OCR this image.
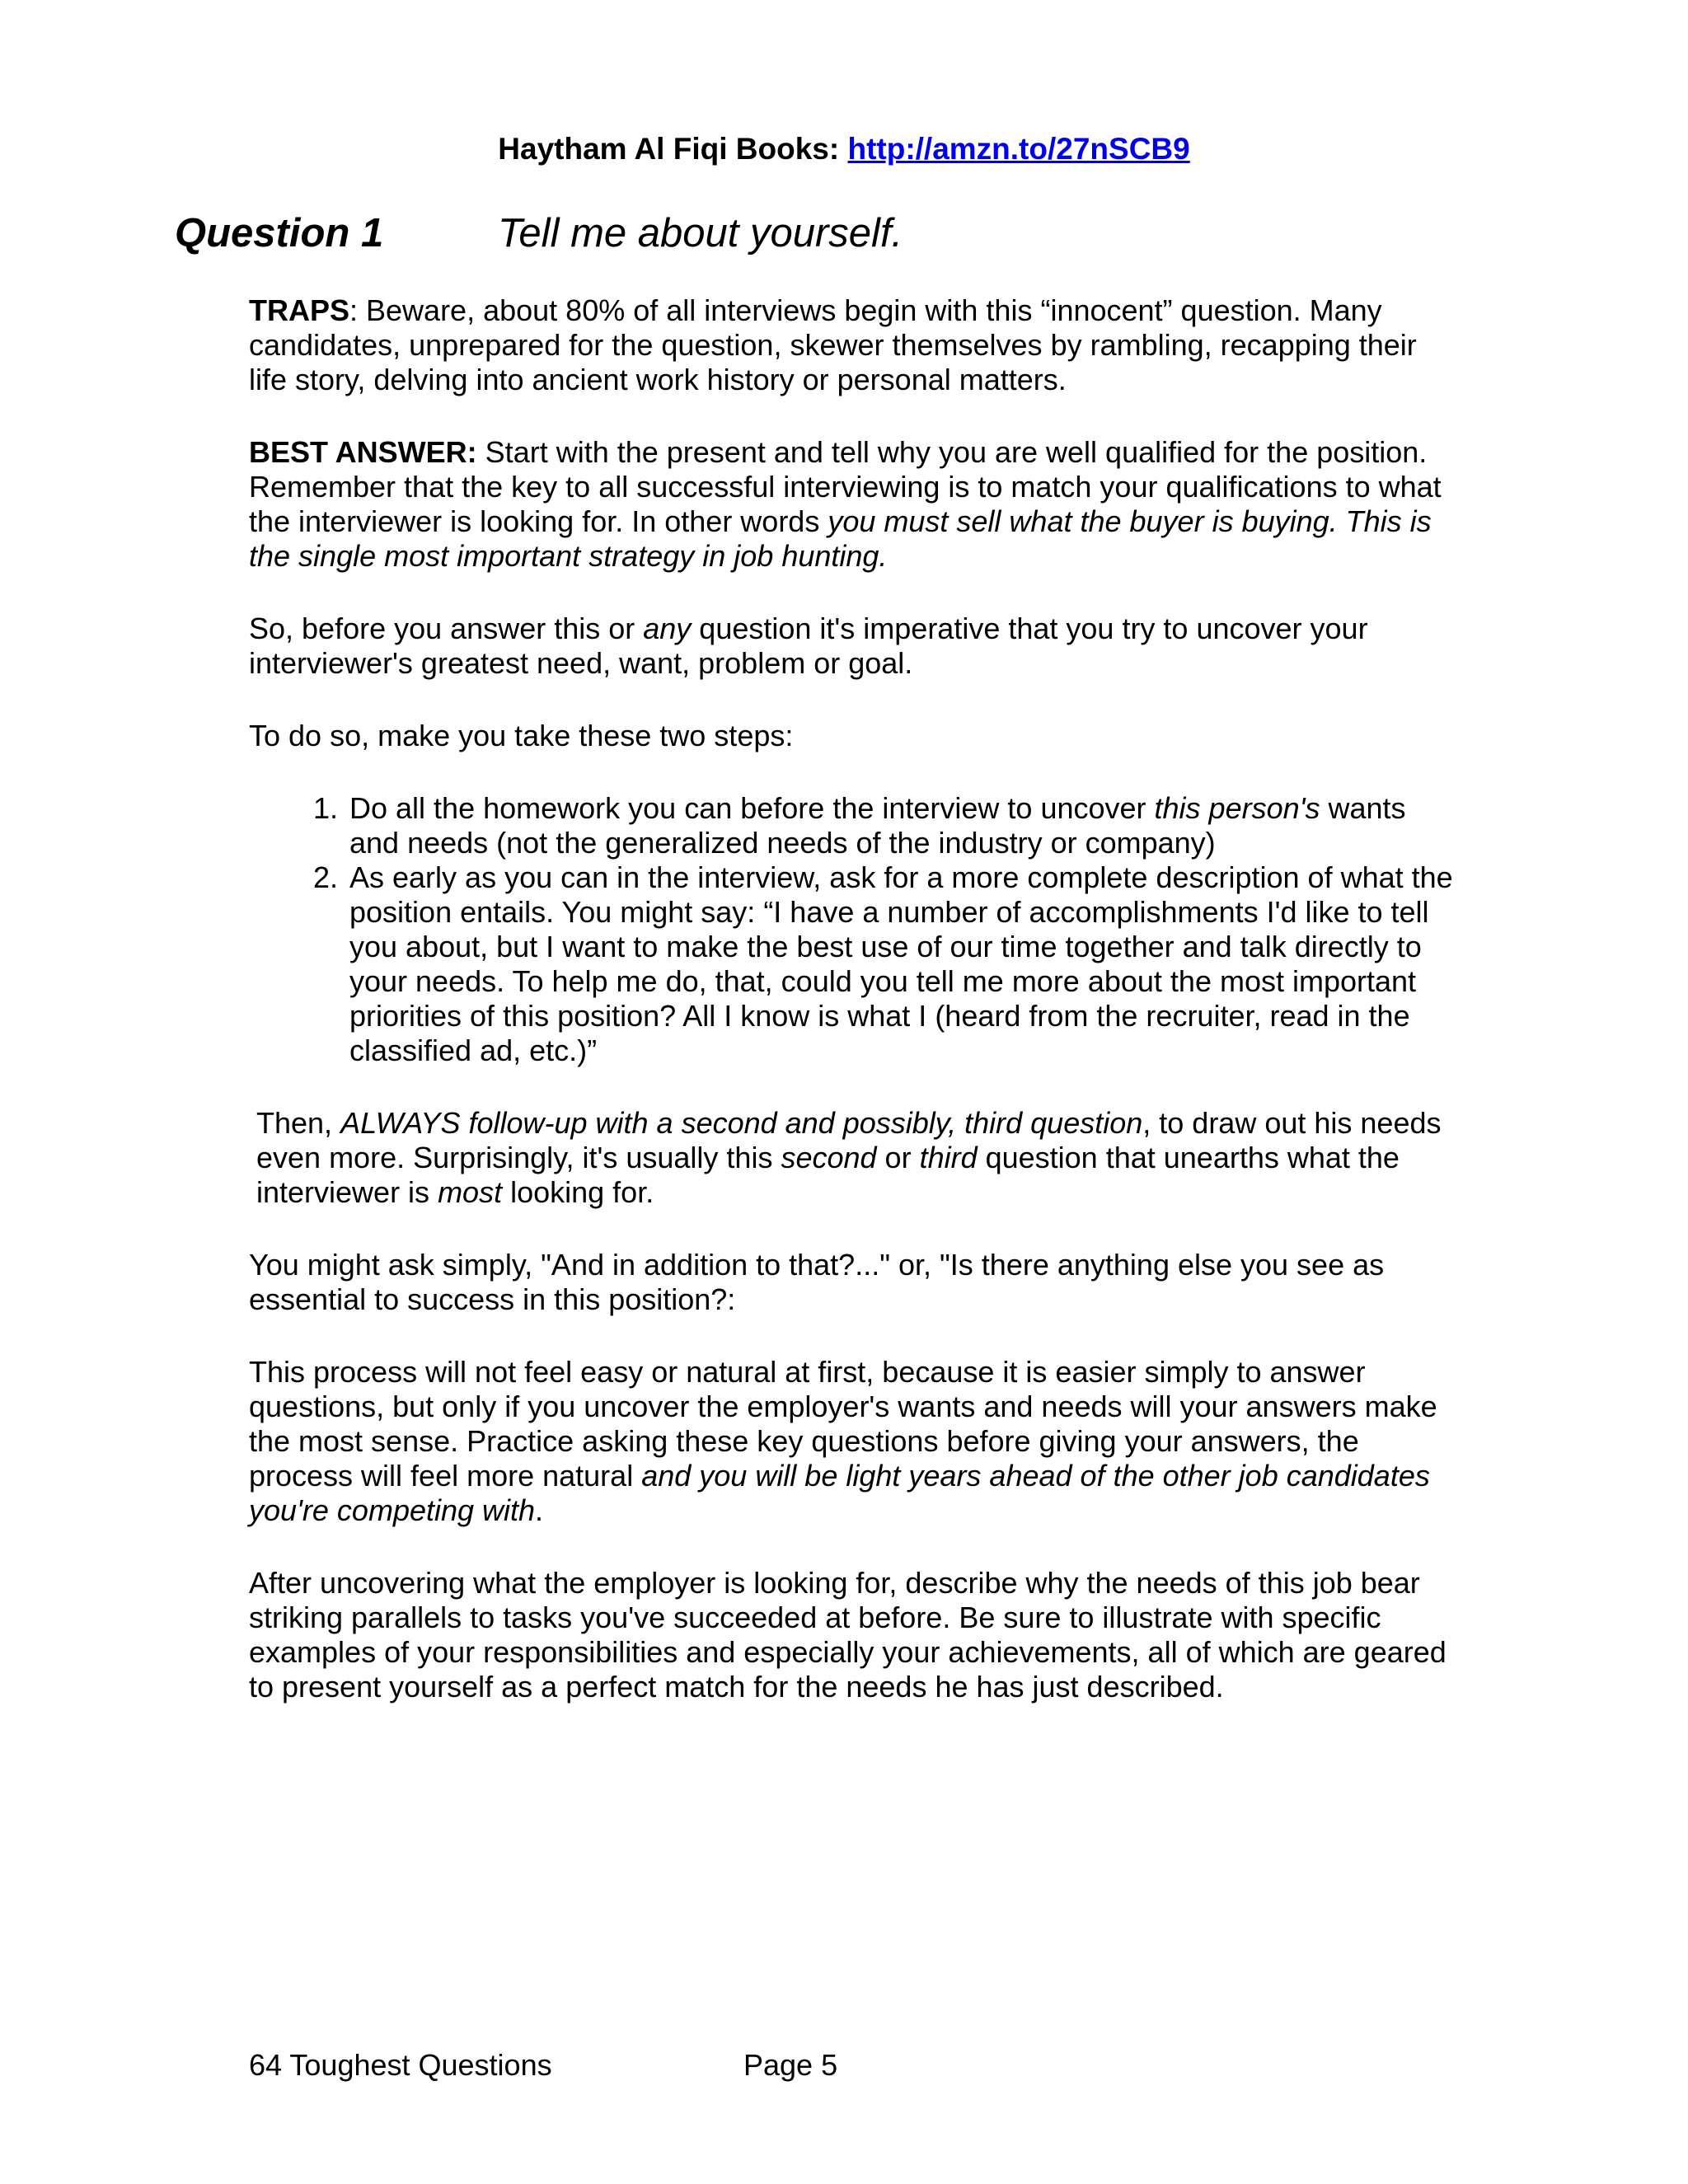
Haytham Al Fiqi Books: http://amzn.to/27nSCB9
Question 1	Tell me about yourself.

TRAPS: Beware, about 80% of all interviews begin with this “innocent” question. Many candidates, unprepared for the question, skewer themselves by rambling, recapping their life story, delving into ancient work history or personal matters.

BEST ANSWER: Start with the present and tell why you are well qualified for the position. Remember that the key to all successful interviewing is to match your qualifications to what the interviewer is looking for. In other words you must sell what the buyer is buying. This is the single most important strategy in job hunting.

So, before you answer this or any question it's imperative that you try to uncover your interviewer's greatest need, want, problem or goal.

To do so, make you take these two steps:

1. Do all the homework you can before the interview to uncover this person's wants and needs (not the generalized needs of the industry or company)
2. As early as you can in the interview, ask for a more complete description of what the position entails. You might say: “I have a number of accomplishments I'd like to tell you about, but I want to make the best use of our time together and talk directly to your needs. To help me do, that, could you tell me more about the most important priorities of this position? All I know is what I (heard from the recruiter, read in the classified ad, etc.)”

Then, ALWAYS follow-up with a second and possibly, third question, to draw out his needs even more. Surprisingly, it's usually this second or third question that unearths what the interviewer is most looking for.

You might ask simply, "And in addition to that?..." or, "Is there anything else you see as essential to success in this position?:

This process will not feel easy or natural at first, because it is easier simply to answer questions, but only if you uncover the employer's wants and needs will your answers make the most sense. Practice asking these key questions before giving your answers, the process will feel more natural and you will be light years ahead of the other job candidates you're competing with.

After uncovering what the employer is looking for, describe why the needs of this job bear striking parallels to tasks you've succeeded at before. Be sure to illustrate with specific examples of your responsibilities and especially your achievements, all of which are geared to present yourself as a perfect match for the needs he has just described.

64 Toughest Questions	Page 5
